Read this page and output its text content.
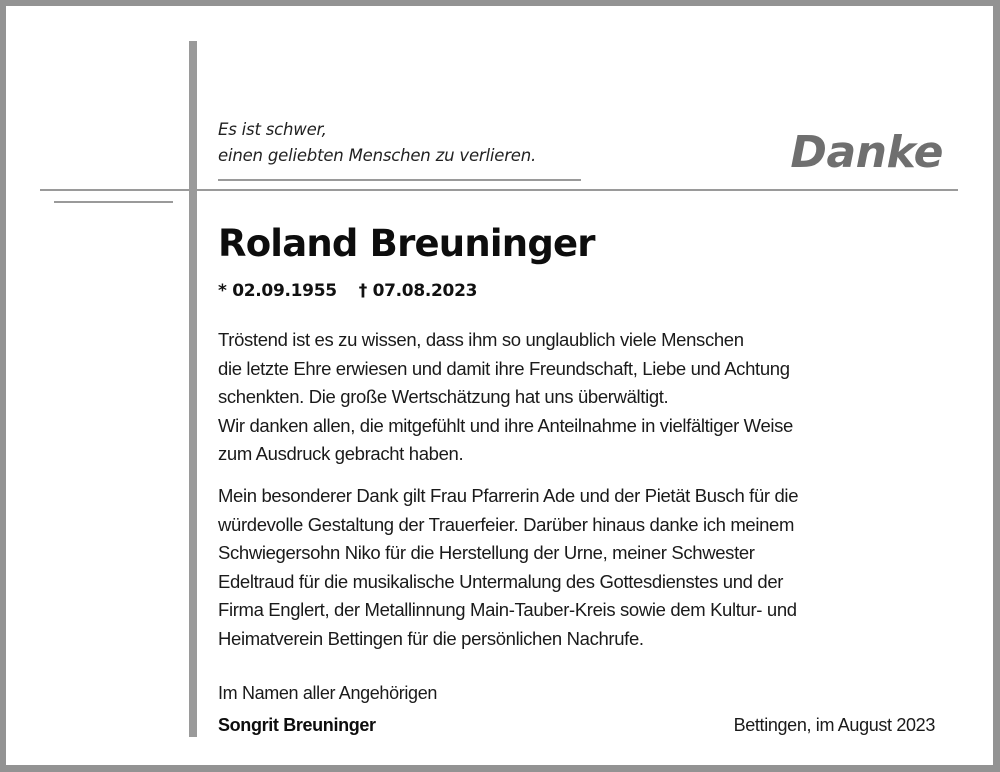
Es ist schwer,
einen geliebten Menschen zu verlieren.	Danke
Roland Breuninger
* 02.09.1955 † 07.08.2023
Tröstend ist es zu wissen, dass ihm so unglaublich viele Menschen
die letzte Ehre erwiesen und damit ihre Freundschaft, Liebe und Achtung
schenkten. Die große Wertschätzung hat uns überwältigt.
Wir danken allen, die mitgefühlt und ihre Anteilnahme in vielfältiger Weise
zum Ausdruck gebracht haben.
Mein besonderer Dank gilt Frau Pfarrerin Ade und der Pietät Busch für die
würdevolle Gestaltung der Trauerfeier. Darüber hinaus danke ich meinem
Schwiegersohn Niko für die Herstellung der Urne, meiner Schwester
Edeltraud für die musikalische Untermalung des Gottesdienstes und der
Firma Englert, der Metallinnung Main-Tauber-Kreis sowie dem Kultur- und
Heimatverein Bettingen für die persönlichen Nachrufe.
Im Namen aller Angehörigen
Songrit Breuninger	Bettingen, im August 2023
